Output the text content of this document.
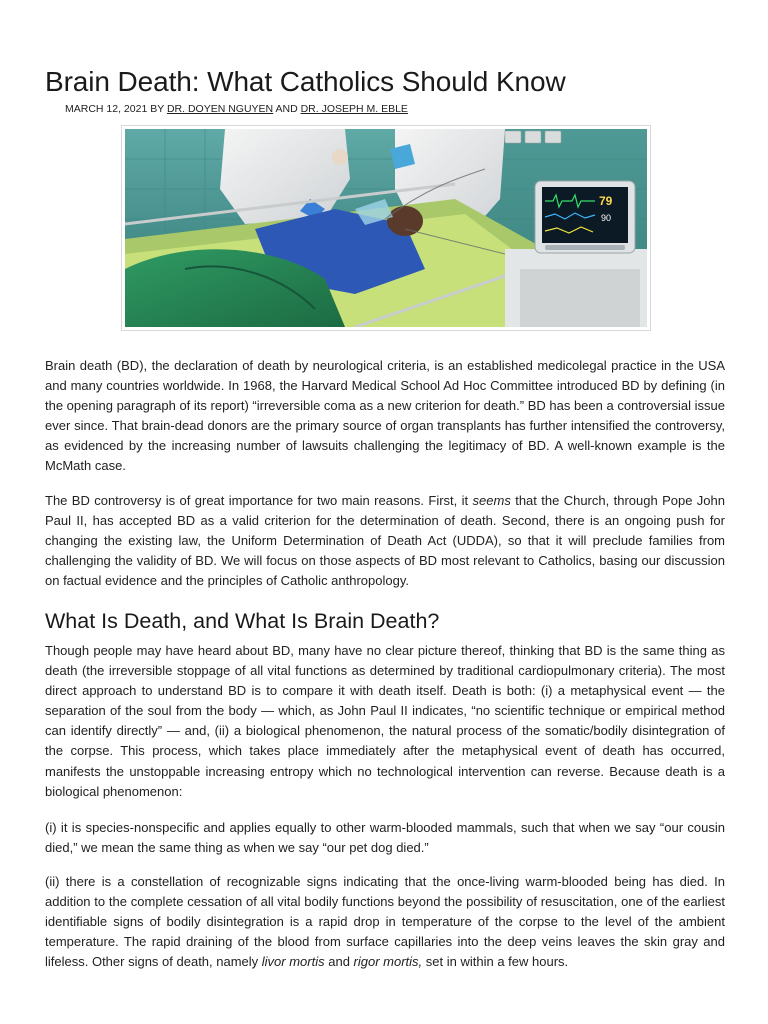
Brain Death: What Catholics Should Know
MARCH 12, 2021 BY DR. DOYEN NGUYEN AND DR. JOSEPH M. EBLE
79
90

Brain death (BD), the declaration of death by neurological criteria, is an established medicolegal practice in the USA and many countries worldwide. In 1968, the Harvard Medical School Ad Hoc Committee introduced BD by defining (in the opening paragraph of its report) “irreversible coma as a new criterion for death.” BD has been a controversial issue ever since. That brain-dead donors are the primary source of organ transplants has further intensified the controversy, as evidenced by the increasing number of lawsuits challenging the legitimacy of BD. A well-known example is the McMath case.

The BD controversy is of great importance for two main reasons. First, it seems that the Church, through Pope John Paul II, has accepted BD as a valid criterion for the determination of death. Second, there is an ongoing push for changing the existing law, the Uniform Determination of Death Act (UDDA), so that it will preclude families from challenging the validity of BD. We will focus on those aspects of BD most relevant to Catholics, basing our discussion on factual evidence and the principles of Catholic anthropology.

What Is Death, and What Is Brain Death?

Though people may have heard about BD, many have no clear picture thereof, thinking that BD is the same thing as death (the irreversible stoppage of all vital functions as determined by traditional cardiopulmonary criteria). The most direct approach to understand BD is to compare it with death itself. Death is both: (i) a metaphysical event — the separation of the soul from the body — which, as John Paul II indicates, “no scientific technique or empirical method can identify directly” — and, (ii) a biological phenomenon, the natural process of the somatic/bodily disintegration of the corpse. This process, which takes place immediately after the metaphysical event of death has occurred, manifests the unstoppable increasing entropy which no technological intervention can reverse. Because death is a biological phenomenon:

(i) it is species-nonspecific and applies equally to other warm-blooded mammals, such that when we say “our cousin died,” we mean the same thing as when we say “our pet dog died.”

(ii) there is a constellation of recognizable signs indicating that the once-living warm-blooded being has died. In addition to the complete cessation of all vital bodily functions beyond the possibility of resuscitation, one of the earliest identifiable signs of bodily disintegration is a rapid drop in temperature of the corpse to the level of the ambient temperature. The rapid draining of the blood from surface capillaries into the deep veins leaves the skin gray and lifeless. Other signs of death, namely livor mortis and rigor mortis, set in within a few hours.
